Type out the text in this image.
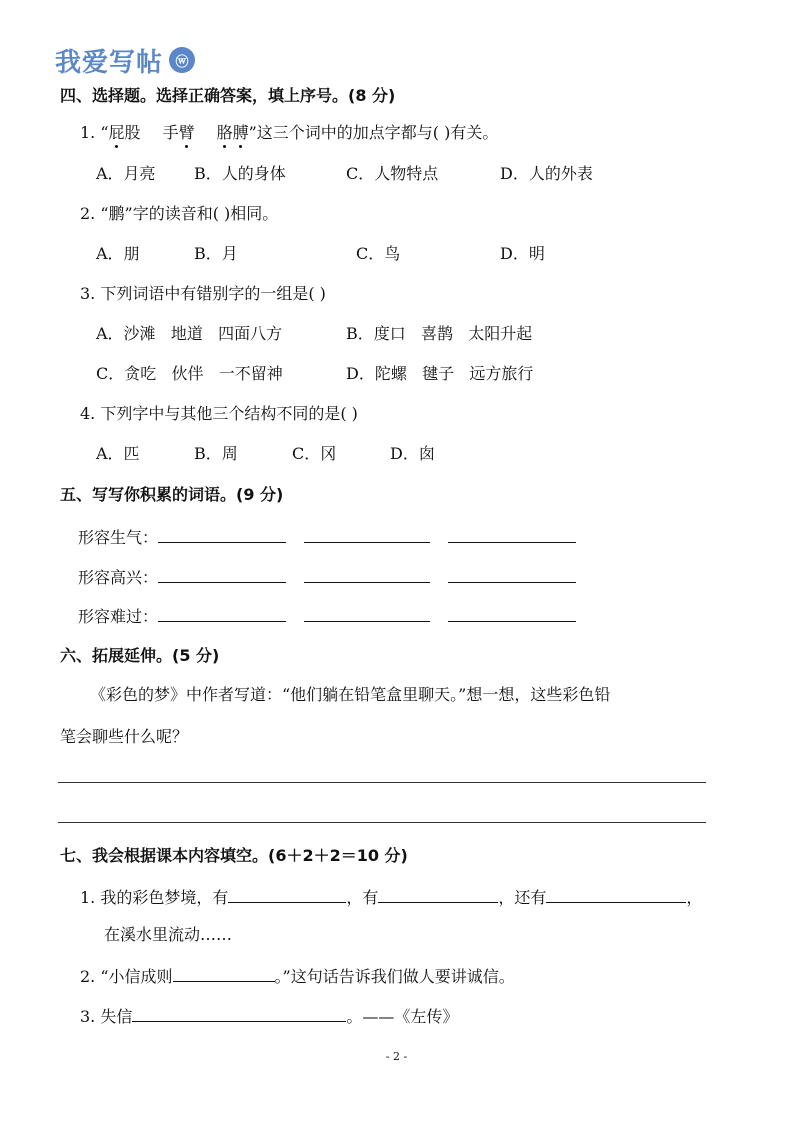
我爱写帖 ⓦ
四、选择题。选择正确答案，填上序号。(8 分)
1. “屁股 手臂 胳膊”这三个词中的加点字都与( )有关。
A．月亮 B．人的身体	C．人物特点	D．人的外表
2. “鹏”字的读音和( )相同。
A．朋	B．月	C．鸟	D．明
3. 下列词语中有错别字的一组是( )
A．沙滩   地道   四面八方	B．度口   喜鹊   太阳升起
C．贪吃   伙伴   一不留神	D．陀螺   毽子   远方旅行
4. 下列字中与其他三个结构不同的是( )
A．匹	B．周	C．冈	D．囱
五、写写你积累的词语。(9 分)
形容生气：
形容高兴：
形容难过：
六、拓展延伸。(5 分)
《彩色的梦》中作者写道：“他们躺在铅笔盒里聊天。”想一想，这些彩色铅
笔会聊些什么呢？
七、我会根据课本内容填空。(6＋2＋2＝10 分)
1. 我的彩色梦境，有	，有	，还有	，
在溪水里流动……
2. “小信成则	。”这句话告诉我们做人要讲诚信。
3. 失信	。——《左传》
- 2 -
